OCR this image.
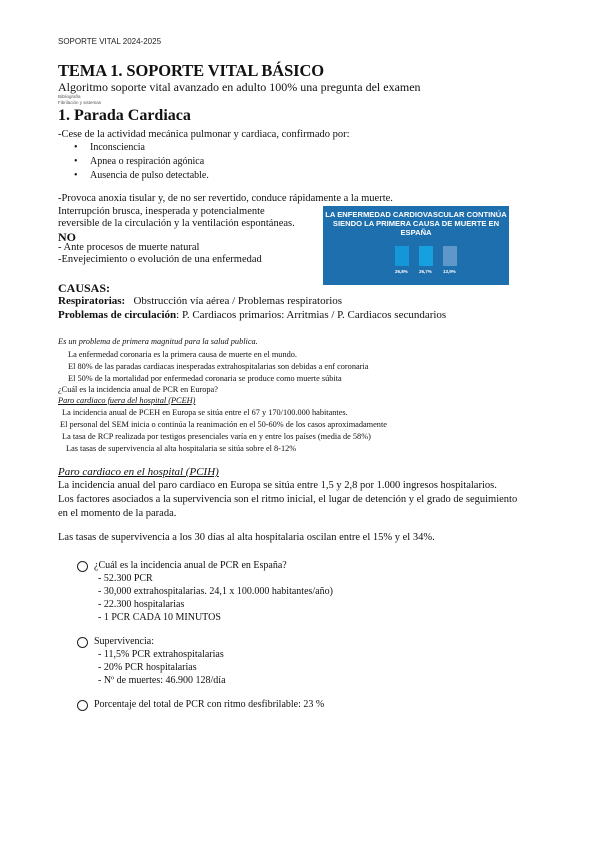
SOPORTE VITAL 2024-2025
TEMA 1. SOPORTE VITAL BÁSICO
Algoritmo soporte vital avanzado en adulto 100% una pregunta del examen
Bibliografía
Fibrilación y sistemas
1. Parada Cardiaca
-Cese de la actividad mecánica pulmonar y cardiaca, confirmado por:
•     Inconsciencia
•     Apnea o respiración agónica
•     Ausencia de pulso detectable.
-Provoca anoxia tisular y, de no ser revertido, conduce rápidamente a la muerte.
Interrupción brusca, inesperada y potencialmente
reversible de la circulación y la ventilación espontáneas.
NO
- Ante procesos de muerte natural
-Envejecimiento o evolución de una enfermedad
LA ENFERMEDAD CARDIOVASCULAR CONTINÚA SIENDO LA PRIMERA CAUSA DE MUERTE EN ESPAÑA
26,8% 26,7% 13,9%
CAUSAS:
Respiratorias: Obstrucción vía aérea / Problemas respiratorios
Problemas de circulación: P. Cardiacos primarios: Arritmias / P. Cardiacos secundarios
Es un problema de primera magnitud para la salud publica.
La enfermedad coronaria es la primera causa de muerte en el mundo.
El 80% de las paradas cardiacas inesperadas extrahospitalarias son debidas a enf coronaria
El 50% de la mortalidad por enfermedad coronaria se produce como muerte súbita
¿Cuál es la incidencia anual de PCR en Europa?
Paro cardiaco fuera del hospital (PCEH)
La incidencia anual de PCEH en Europa se sitúa entre el 67 y 170/100.000 habitantes.
El personal del SEM inicia o continúa la reanimación en el 50-60% de los casos aproximadamente
La tasa de RCP realizada por testigos presenciales varía en y entre los países (media de 58%)
Las tasas de supervivencia al alta hospitalaria se sitúa sobre el 8-12%
Paro cardiaco en el hospital (PCIH)
La incidencia anual del paro cardiaco en Europa se sitúa entre 1,5 y 2,8 por 1.000 ingresos hospitalarios.
Los factores asociados a la supervivencia son el ritmo inicial, el lugar de detención y el grado de seguimiento
en el momento de la parada.
Las tasas de supervivencia a los 30 días al alta hospitalaria oscilan entre el 15% y el 34%.
¿Cuál es la incidencia anual de PCR en España?
- 52.300 PCR
- 30,000 extrahospitalarias. 24,1 x 100.000 habitantes/año)
- 22.300 hospitalarias
- 1 PCR CADA 10 MINUTOS
Supervivencia:
- 11,5% PCR extrahospitalarias
- 20% PCR hospitalarias
- Nº de muertes: 46.900 128/día
Porcentaje del total de PCR con ritmo desfibrilable: 23 %
